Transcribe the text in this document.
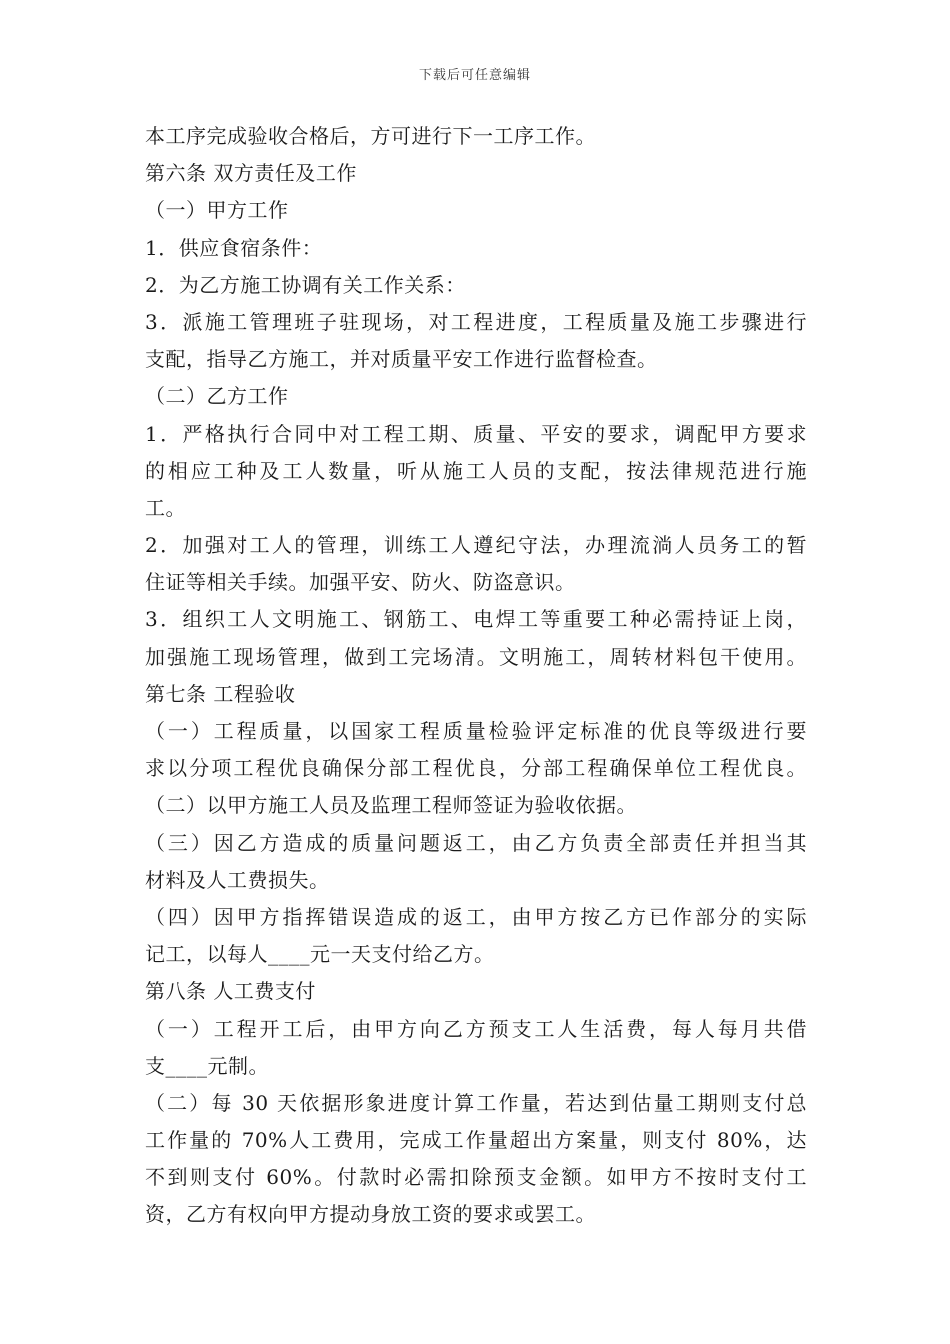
下载后可任意编辑
本工序完成验收合格后，方可进行下一工序工作。
第六条 双方责任及工作
（一）甲方工作
1．供应食宿条件：
2．为乙方施工协调有关工作关系：
3．派施工管理班子驻现场，对工程进度，工程质量及施工步骤进行
支配，指导乙方施工，并对质量平安工作进行监督检查。
（二）乙方工作
1．严格执行合同中对工程工期、质量、平安的要求，调配甲方要求
的相应工种及工人数量，听从施工人员的支配，按法律规范进行施
工。
2．加强对工人的管理，训练工人遵纪守法，办理流淌人员务工的暂
住证等相关手续。加强平安、防火、防盗意识。
3．组织工人文明施工、钢筋工、电焊工等重要工种必需持证上岗，
加强施工现场管理，做到工完场清。文明施工，周转材料包干使用。
第七条 工程验收
（一）工程质量，以国家工程质量检验评定标准的优良等级进行要
求以分项工程优良确保分部工程优良，分部工程确保单位工程优良。
（二）以甲方施工人员及监理工程师签证为验收依据。
（三）因乙方造成的质量问题返工，由乙方负责全部责任并担当其
材料及人工费损失。
（四）因甲方指挥错误造成的返工，由甲方按乙方已作部分的实际
记工，以每人____元一天支付给乙方。
第八条 人工费支付
（一）工程开工后，由甲方向乙方预支工人生活费，每人每月共借
支____元制。
（二）每 30 天依据形象进度计算工作量，若达到估量工期则支付总
工作量的 70%人工费用，完成工作量超出方案量，则支付 80%，达
不到则支付 60%。付款时必需扣除预支金额。如甲方不按时支付工
资，乙方有权向甲方提动身放工资的要求或罢工。
